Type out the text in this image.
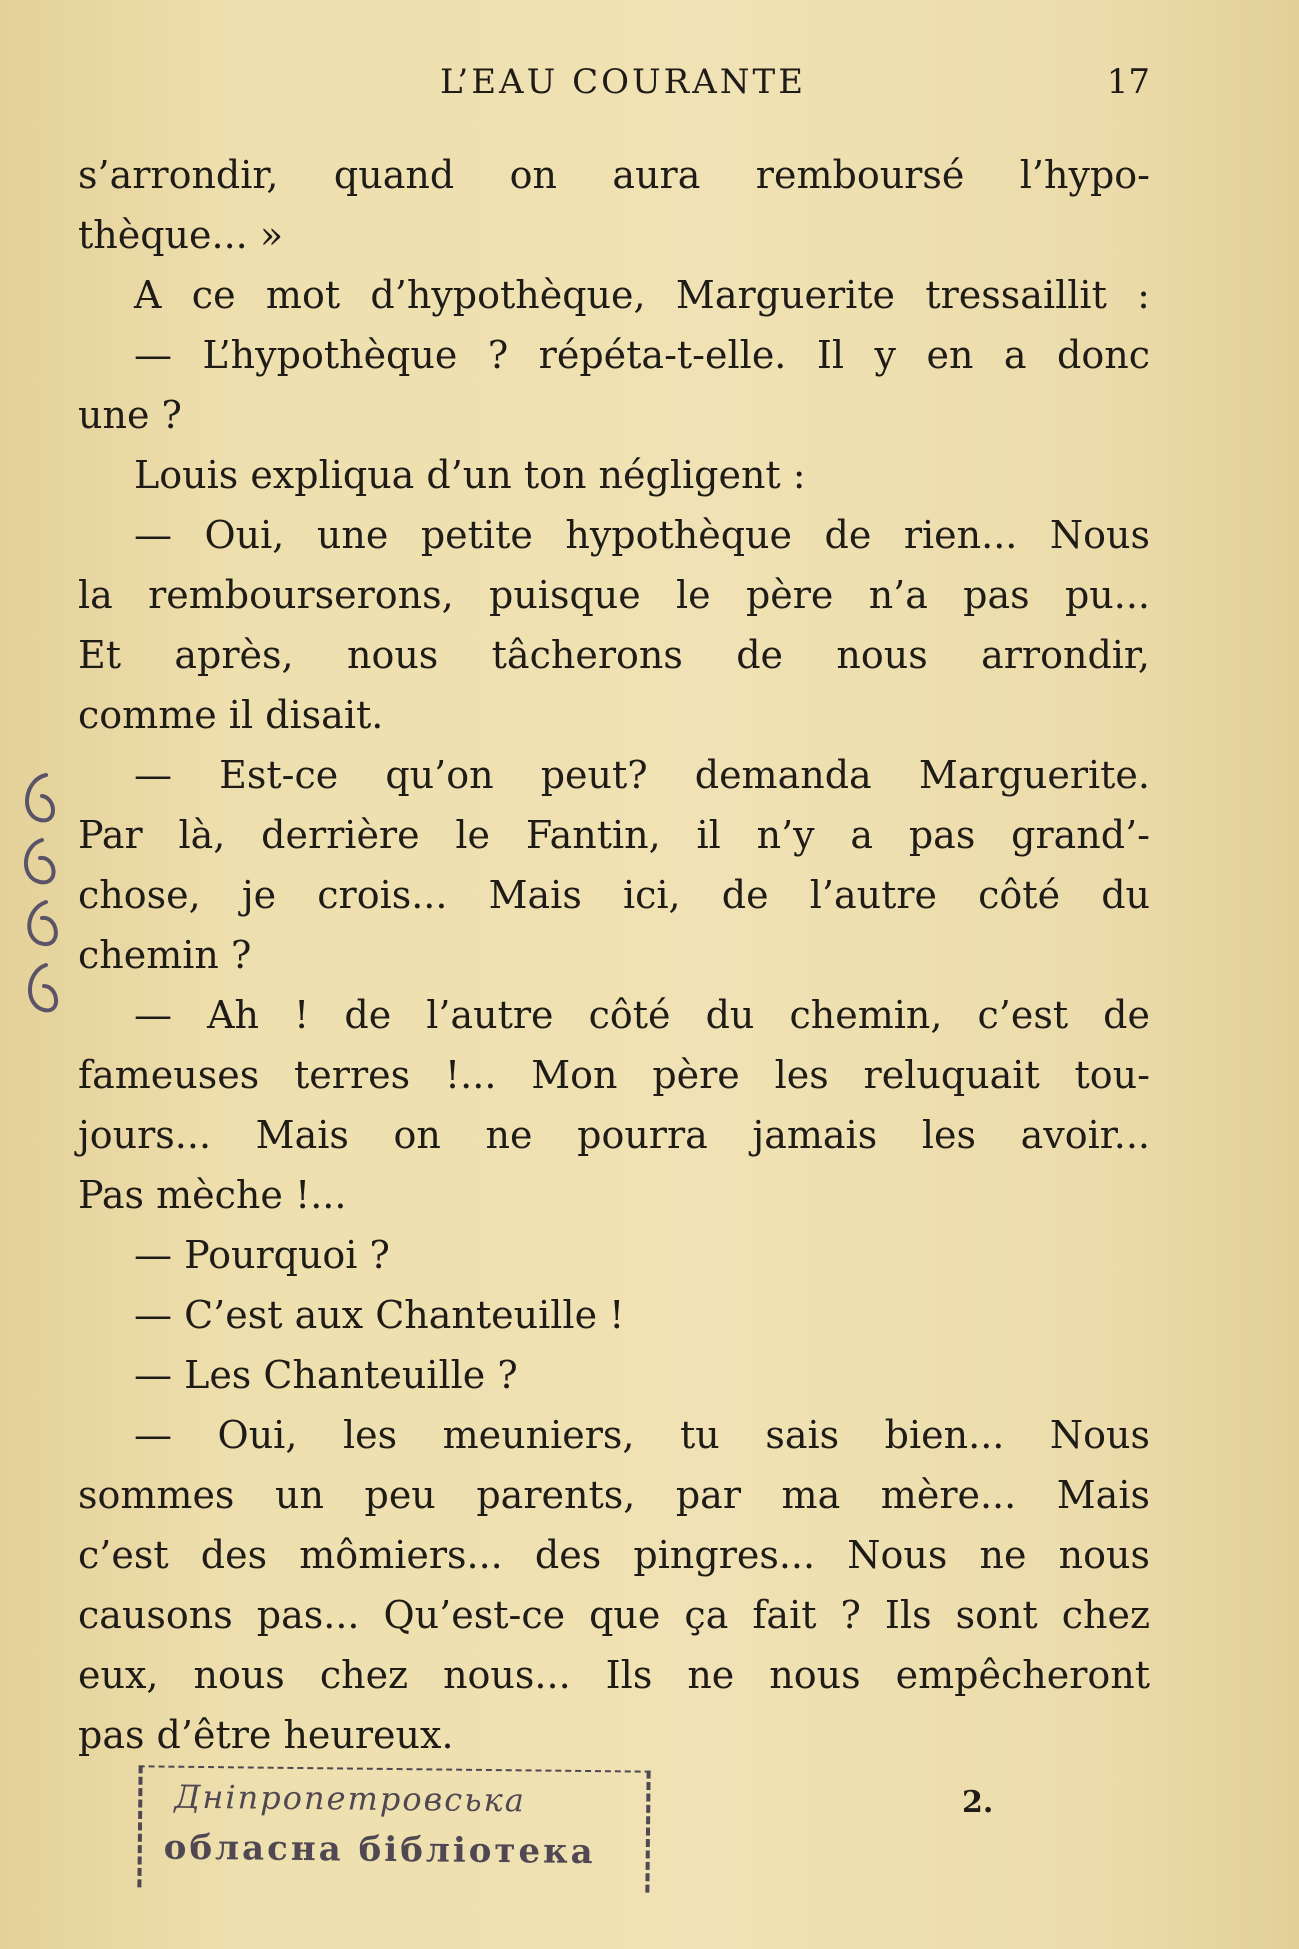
L’EAU COURANTE	17
s’arrondir, quand on aura remboursé l’hypo-
thèque... »
A ce mot d’hypothèque, Marguerite tressaillit :
— L’hypothèque ? répéta-t-elle. Il y en a donc
une ?
Louis expliqua d’un ton négligent :
— Oui, une petite hypothèque de rien... Nous
la rembourserons, puisque le père n’a pas pu...
Et après, nous tâcherons de nous arrondir,
comme il disait.
— Est-ce qu’on peut? demanda Marguerite.
Par là, derrière le Fantin, il n’y a pas grand’-
chose, je crois... Mais ici, de l’autre côté du
chemin ?
— Ah ! de l’autre côté du chemin, c’est de
fameuses terres !... Mon père les reluquait tou-
jours... Mais on ne pourra jamais les avoir...
Pas mèche !...
— Pourquoi ?
— C’est aux Chanteuille !
— Les Chanteuille ?
— Oui, les meuniers, tu sais bien... Nous
sommes un peu parents, par ma mère... Mais
c’est des mômiers... des pingres... Nous ne nous
causons pas... Qu’est-ce que ça fait ? Ils sont chez
eux, nous chez nous... Ils ne nous empêcheront
pas d’être heureux.
Днiпропетровська
обласна бiблiотека
2.
